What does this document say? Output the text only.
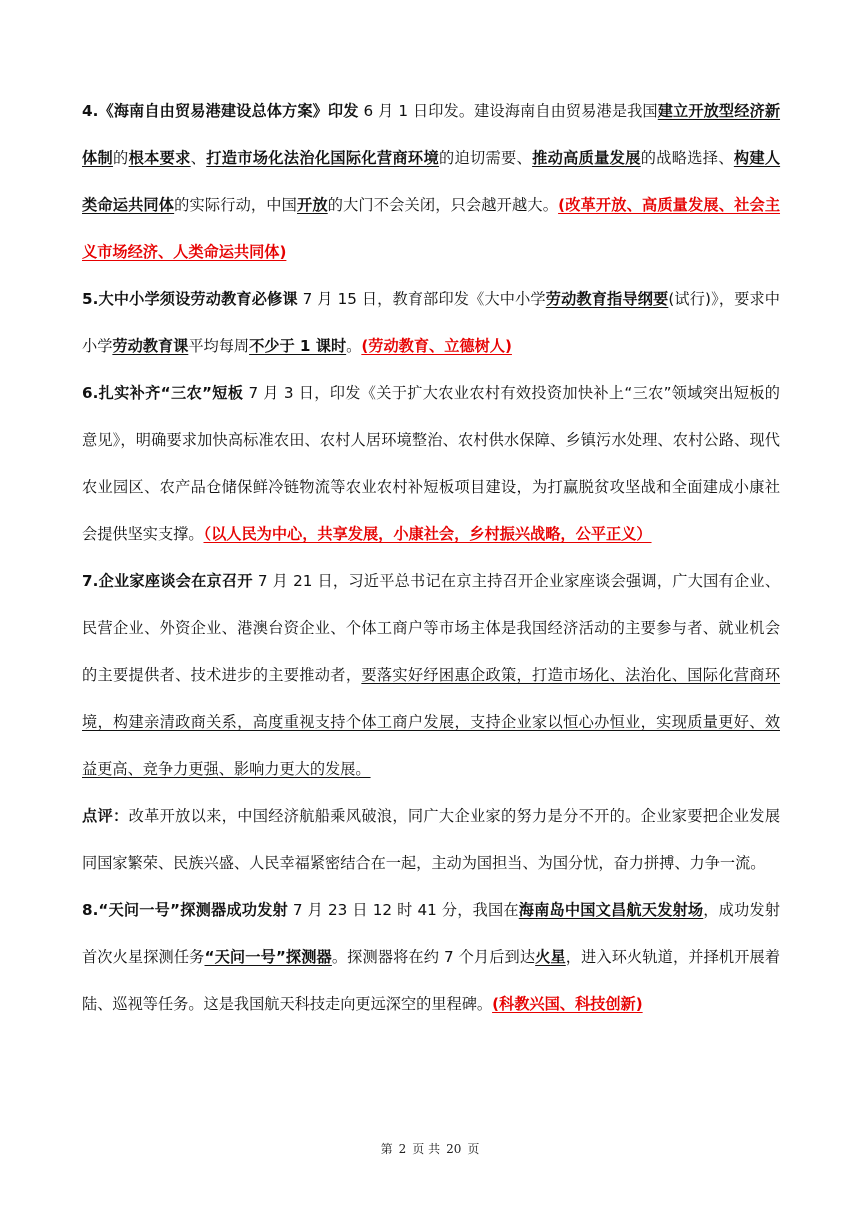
4.《海南自由贸易港建设总体方案》印发 6 月 1 日印发。建设海南自由贸易港是我国建立开放型经济新体制的根本要求、打造市场化法治化国际化营商环境的迫切需要、推动高质量发展的战略选择、构建人类命运共同体的实际行动，中国开放的大门不会关闭，只会越开越大。(改革开放、高质量发展、社会主义市场经济、人类命运共同体)

5.大中小学须设劳动教育必修课 7 月 15 日，教育部印发《大中小学劳动教育指导纲要(试行)》，要求中小学劳动教育课平均每周不少于 1 课时。(劳动教育、立德树人)

6.扎实补齐“三农”短板 7 月 3 日，印发《关于扩大农业农村有效投资加快补上“三农”领域突出短板的意见》，明确要求加快高标准农田、农村人居环境整治、农村供水保障、乡镇污水处理、农村公路、现代农业园区、农产品仓储保鲜冷链物流等农业农村补短板项目建设，为打赢脱贫攻坚战和全面建成小康社会提供坚实支撑。（以人民为中心，共享发展，小康社会，乡村振兴战略，公平正义）

7.企业家座谈会在京召开 7 月 21 日，习近平总书记在京主持召开企业家座谈会强调，广大国有企业、民营企业、外资企业、港澳台资企业、个体工商户等市场主体是我国经济活动的主要参与者、就业机会的主要提供者、技术进步的主要推动者，要落实好纾困惠企政策，打造市场化、法治化、国际化营商环境，构建亲清政商关系，高度重视支持个体工商户发展，支持企业家以恒心办恒业，实现质量更好、效益更高、竞争力更强、影响力更大的发展。

点评：改革开放以来，中国经济航船乘风破浪，同广大企业家的努力是分不开的。企业家要把企业发展同国家繁荣、民族兴盛、人民幸福紧密结合在一起，主动为国担当、为国分忧，奋力拼搏、力争一流。

8.“天问一号”探测器成功发射 7 月 23 日 12 时 41 分，我国在海南岛中国文昌航天发射场，成功发射首次火星探测任务“天问一号”探测器。探测器将在约 7 个月后到达火星，进入环火轨道，并择机开展着陆、巡视等任务。这是我国航天科技走向更远深空的里程碑。(科教兴国、科技创新)

第 2 页 共 20 页
